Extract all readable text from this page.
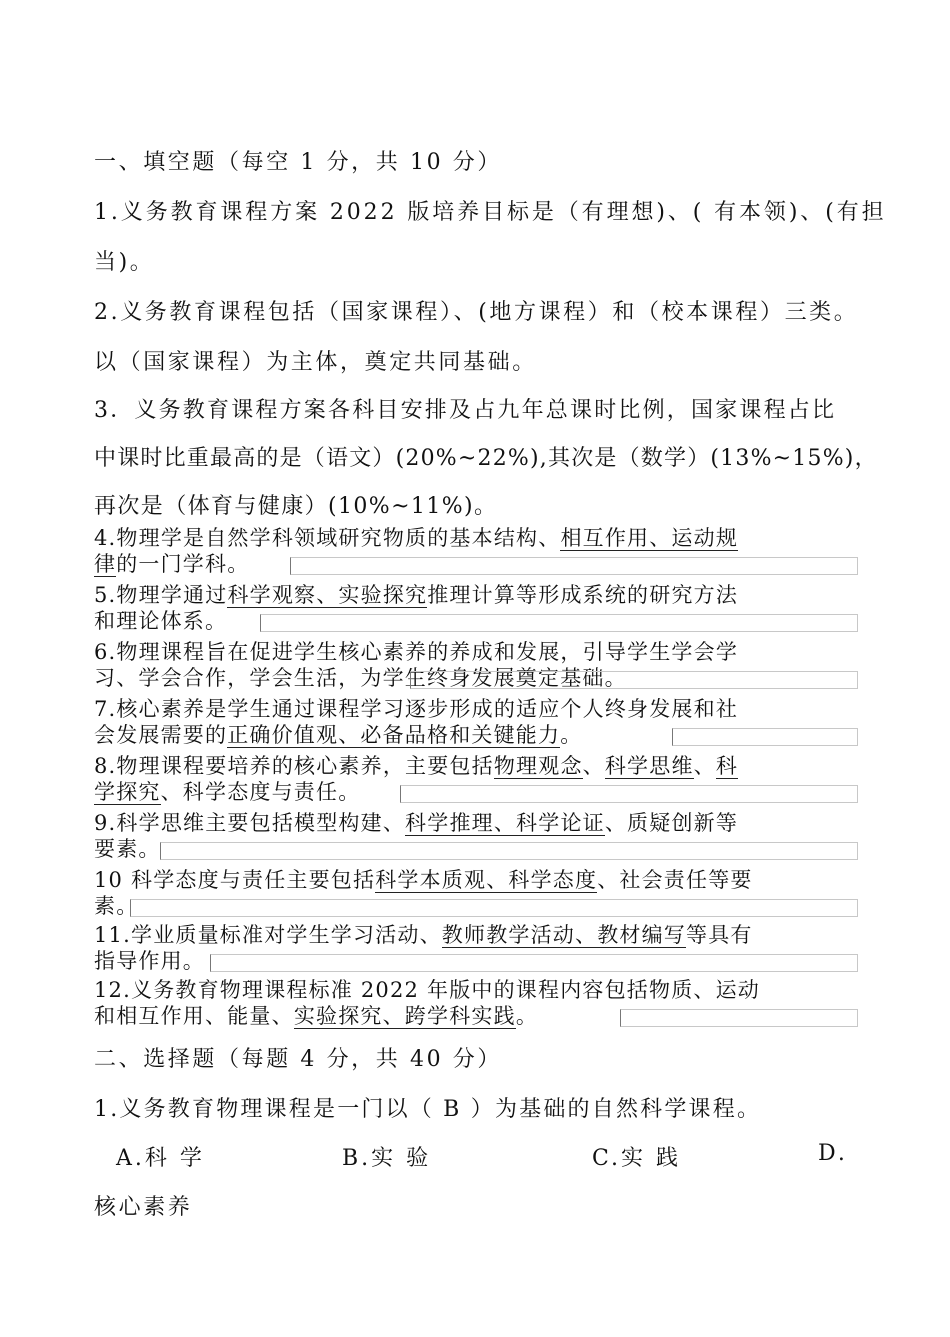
一、填空题（每空 1 分，共 10 分）
1.义务教育课程方案 2022 版培养目标是（有理想)、( 有本领)、(有担
当)。
2.义务教育课程包括（国家课程）、(地方课程）和（校本课程）三类。
以（国家课程）为主体，奠定共同基础。
3．义务教育课程方案各科目安排及占九年总课时比例，国家课程占比
中课时比重最高的是（语文）(20%~22%),其次是（数学）(13%~15%)，
再次是（体育与健康）(10%~11%)。
4.物理学是自然学科领域研究物质的基本结构、相互作用、运动规
律的一门学科。
5.物理学通过科学观察、实验探究推理计算等形成系统的研究方法
和理论体系。
6.物理课程旨在促进学生核心素养的养成和发展，引导学生学会学
习、学会合作，学会生活，为学生终身发展奠定基础。
7.核心素养是学生通过课程学习逐步形成的适应个人终身发展和社
会发展需要的正确价值观、必备品格和关键能力。
8.物理课程要培养的核心素养，主要包括物理观念、科学思维、科
学探究、科学态度与责任。
9.科学思维主要包括模型构建、科学推理、科学论证、质疑创新等
要素。
10 科学态度与责任主要包括科学本质观、科学态度、社会责任等要
素。
11.学业质量标准对学生学习活动、教师教学活动、教材编写等具有
指导作用。
12.义务教育物理课程标准 2022 年版中的课程内容包括物质、运动
和相互作用、能量、实验探究、跨学科实践。
二、选择题（每题 4 分，共 40 分）
1.义务教育物理课程是一门以（ B ）为基础的自然科学课程。
A.科 学	B.实 验	C.实 践	D.
核心素养
